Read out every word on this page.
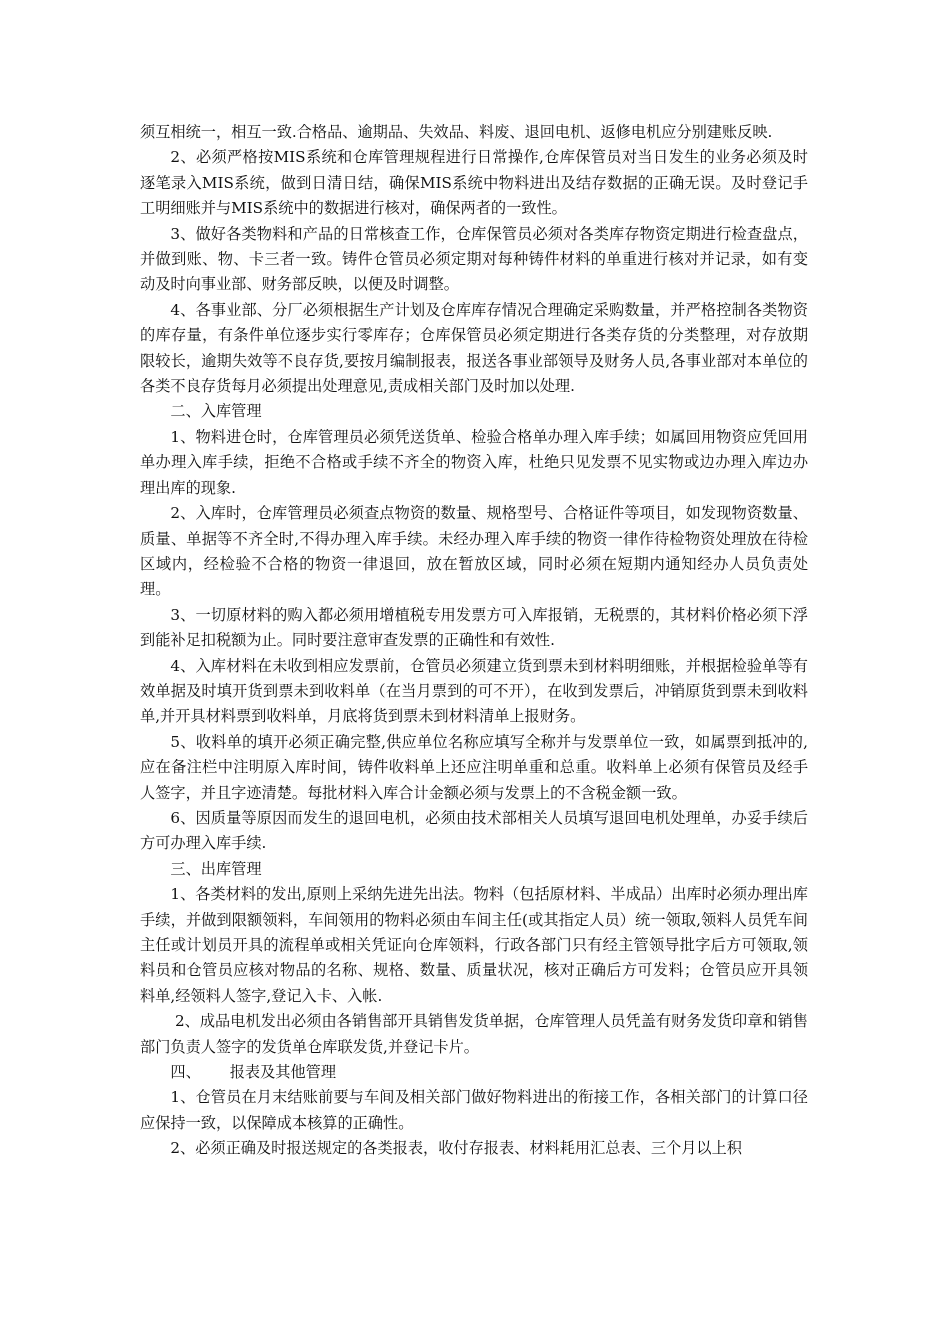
须互相统一，相互一致.合格品、逾期品、失效品、料废、退回电机、返修电机应分别建账反映.

2、必须严格按MIS系统和仓库管理规程进行日常操作,仓库保管员对当日发生的业务必须及时逐笔录入MIS系统，做到日清日结，确保MIS系统中物料进出及结存数据的正确无误。及时登记手工明细账并与MIS系统中的数据进行核对，确保两者的一致性。

3、做好各类物料和产品的日常核查工作，仓库保管员必须对各类库存物资定期进行检查盘点，并做到账、物、卡三者一致。铸件仓管员必须定期对每种铸件材料的单重进行核对并记录，如有变动及时向事业部、财务部反映，以便及时调整。

4、各事业部、分厂必须根据生产计划及仓库库存情况合理确定采购数量，并严格控制各类物资的库存量，有条件单位逐步实行零库存；仓库保管员必须定期进行各类存货的分类整理，对存放期限较长，逾期失效等不良存货,要按月编制报表，报送各事业部领导及财务人员,各事业部对本单位的各类不良存货每月必须提出处理意见,责成相关部门及时加以处理.

二、入库管理

1、物料进仓时，仓库管理员必须凭送货单、检验合格单办理入库手续；如属回用物资应凭回用单办理入库手续，拒绝不合格或手续不齐全的物资入库，杜绝只见发票不见实物或边办理入库边办理出库的现象.

2、入库时，仓库管理员必须查点物资的数量、规格型号、合格证件等项目，如发现物资数量、质量、单据等不齐全时,不得办理入库手续。未经办理入库手续的物资一律作待检物资处理放在待检区域内，经检验不合格的物资一律退回，放在暂放区域，同时必须在短期内通知经办人员负责处理。

3、一切原材料的购入都必须用增植税专用发票方可入库报销，无税票的，其材料价格必须下浮到能补足扣税额为止。同时要注意审查发票的正确性和有效性.

4、入库材料在未收到相应发票前，仓管员必须建立货到票未到材料明细账，并根据检验单等有效单据及时填开货到票未到收料单（在当月票到的可不开），在收到发票后，冲销原货到票未到收料单,并开具材料票到收料单，月底将货到票未到材料清单上报财务。

5、收料单的填开必须正确完整,供应单位名称应填写全称并与发票单位一致，如属票到抵冲的,应在备注栏中注明原入库时间，铸件收料单上还应注明单重和总重。收料单上必须有保管员及经手人签字，并且字迹清楚。每批材料入库合计金额必须与发票上的不含税金额一致。

6、因质量等原因而发生的退回电机，必须由技术部相关人员填写退回电机处理单，办妥手续后方可办理入库手续.

三、出库管理

1、各类材料的发出,原则上采纳先进先出法。物料（包括原材料、半成品）出库时必须办理出库手续，并做到限额领料，车间领用的物料必须由车间主任(或其指定人员）统一领取,领料人员凭车间主任或计划员开具的流程单或相关凭证向仓库领料，行政各部门只有经主管领导批字后方可领取,领料员和仓管员应核对物品的名称、规格、数量、质量状况，核对正确后方可发料；仓管员应开具领料单,经领料人签字,登记入卡、入帐.

2、成品电机发出必须由各销售部开具销售发货单据，仓库管理人员凭盖有财务发货印章和销售部门负责人签字的发货单仓库联发货,并登记卡片。

四、      报表及其他管理

1、仓管员在月末结账前要与车间及相关部门做好物料进出的衔接工作，各相关部门的计算口径应保持一致，以保障成本核算的正确性。

2、必须正确及时报送规定的各类报表，收付存报表、材料耗用汇总表、三个月以上积
